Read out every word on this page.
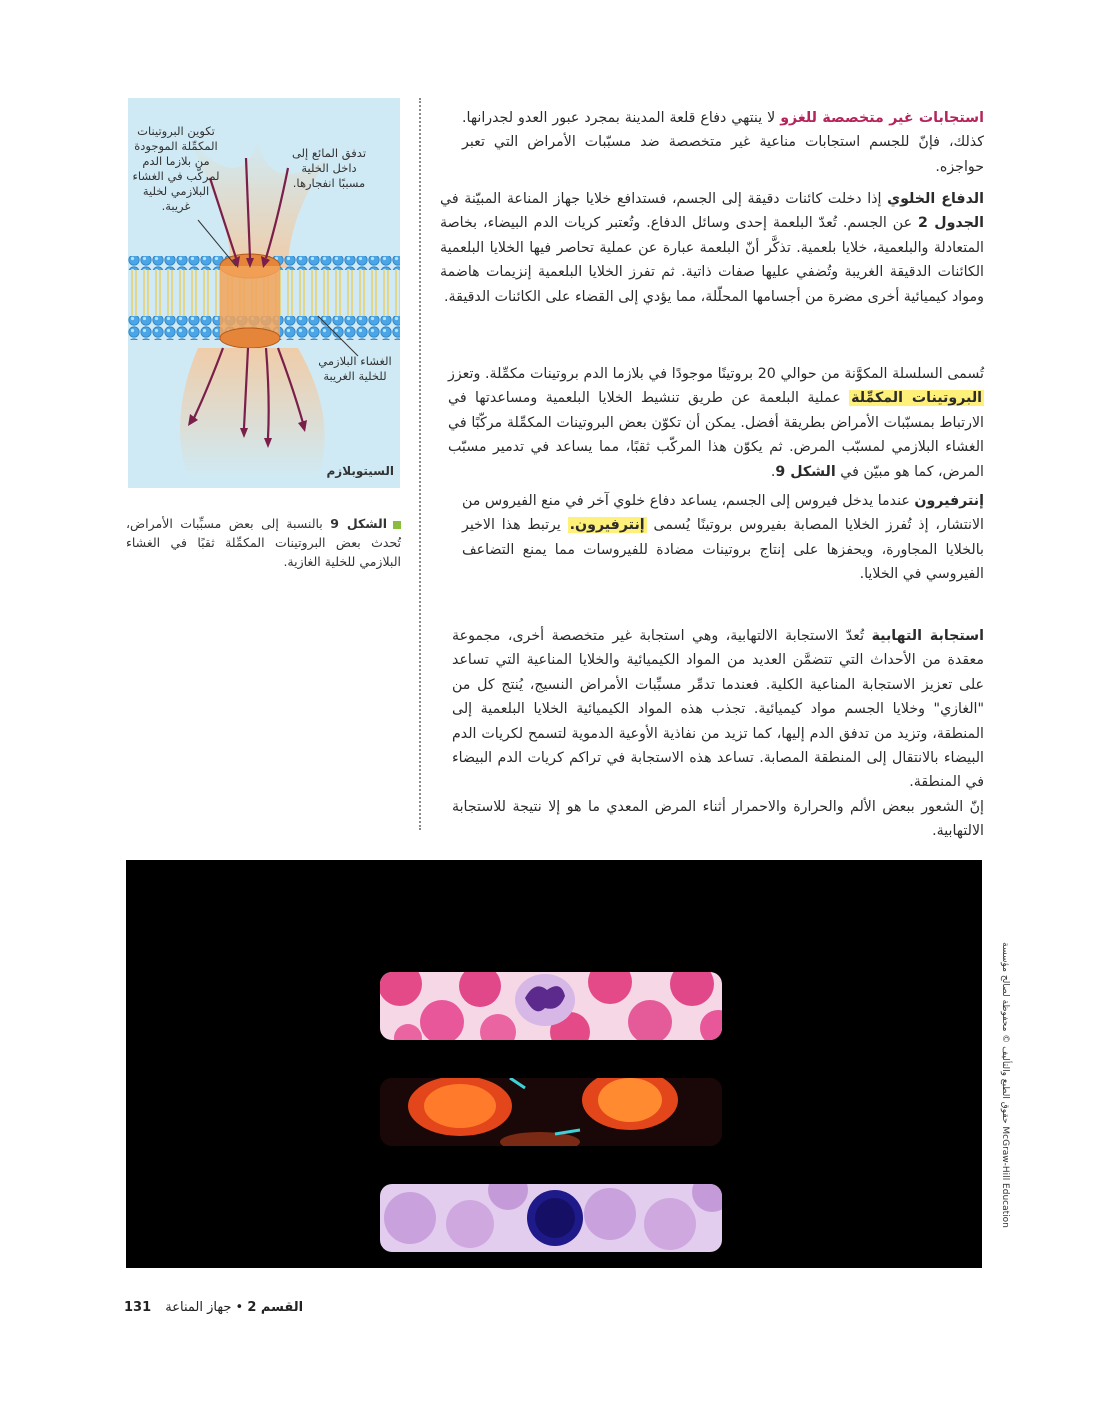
استجابات غير متخصصة للغزو لا ينتهي دفاع قلعة المدينة بمجرد عبور العدو لجدرانها. كذلك، فإنّ للجسم استجابات مناعية غير متخصصة ضد مسبّبات الأمراض التي تعبر حواجزه.
الدفاع الخلوي إذا دخلت كائنات دقيقة إلى الجسم، فستدافع خلايا جهاز المناعة المبيّنة في الجدول 2 عن الجسم. تُعدّ البلعمة إحدى وسائل الدفاع. وتُعتبر كريات الدم البيضاء، بخاصة المتعادلة والبلعمية، خلايا بلعمية. تذكَّر أنّ البلعمة عبارة عن عملية تحاصر فيها الخلايا البلعمية الكائنات الدقيقة الغريبة وتُضفي عليها صفات ذاتية. ثم تفرز الخلايا البلعمية إنزيمات هاضمة ومواد كيميائية أخرى مضرة من أجسامها المحلّلة، مما يؤدي إلى القضاء على الكائنات الدقيقة.
تُسمى السلسلة المكوَّنة من حوالي 20 بروتينًا موجودًا في بلازما الدم بروتينات مكمِّلة. وتعزز البروتينات المكمِّلة عملية البلعمة عن طريق تنشيط الخلايا البلعمية ومساعدتها في الارتباط بمسبّبات الأمراض بطريقة أفضل. يمكن أن تكوّن بعض البروتينات المكمِّلة مركّبًا في الغشاء البلازمي لمسبّب المرض. ثم يكوّن هذا المركّب ثقبًا، مما يساعد في تدمير مسبّب المرض، كما هو مبيّن في الشكل 9.
إنترفيرون عندما يدخل فيروس إلى الجسم، يساعد دفاع خلوي آخر في منع الفيروس من الانتشار، إذ تُفرز الخلايا المصابة بفيروس بروتينًا يُسمى إنترفيرون. يرتبط هذا الاخير بالخلايا المجاورة، ويحفزها على إنتاج بروتينات مضادة للفيروسات مما يمنع التضاعف الفيروسي في الخلايا.
استجابة التهابية تُعدّ الاستجابة الالتهابية، وهي استجابة غير متخصصة أخرى، مجموعة معقدة من الأحداث التي تتضمَّن العديد من المواد الكيميائية والخلايا المناعية التي تساعد على تعزيز الاستجابة المناعية الكلية. فعندما تدمِّر مسبِّبات الأمراض النسيج، يُنتج كل من "الغازي" وخلايا الجسم مواد كيميائية. تجذب هذه المواد الكيميائية الخلايا البلعمية إلى المنطقة، وتزيد من تدفق الدم إليها، كما تزيد من نفاذية الأوعية الدموية لتسمح لكريات الدم البيضاء بالانتقال إلى المنطقة المصابة. تساعد هذه الاستجابة في تراكم كريات الدم البيضاء في المنطقة.
إنّ الشعور ببعض الألم والحرارة والاحمرار أثناء المرض المعدي ما هو إلا نتيجة للاستجابة الالتهابية.
تكوين البروتينات المكمِّلة الموجودة من بلازما الدم لمركّب في الغشاء البلازمي لخلية غريبة.
تدفق المائع إلى داخل الخلية مسببًا انفجارها.
الغشاء البلازمي للخلية الغريبة
السيتوبلازم
الشكل 9 بالنسبة إلى بعض مسبِّبات الأمراض، تُحدث بعض البروتينات المكمِّلة ثقبًا في الغشاء البلازمي للخلية الغازية.
حقوق الطبع والتأليف © محفوظة لصالح مؤسسة McGraw-Hill Education
القسم 2 • جهاز المناعة 131
